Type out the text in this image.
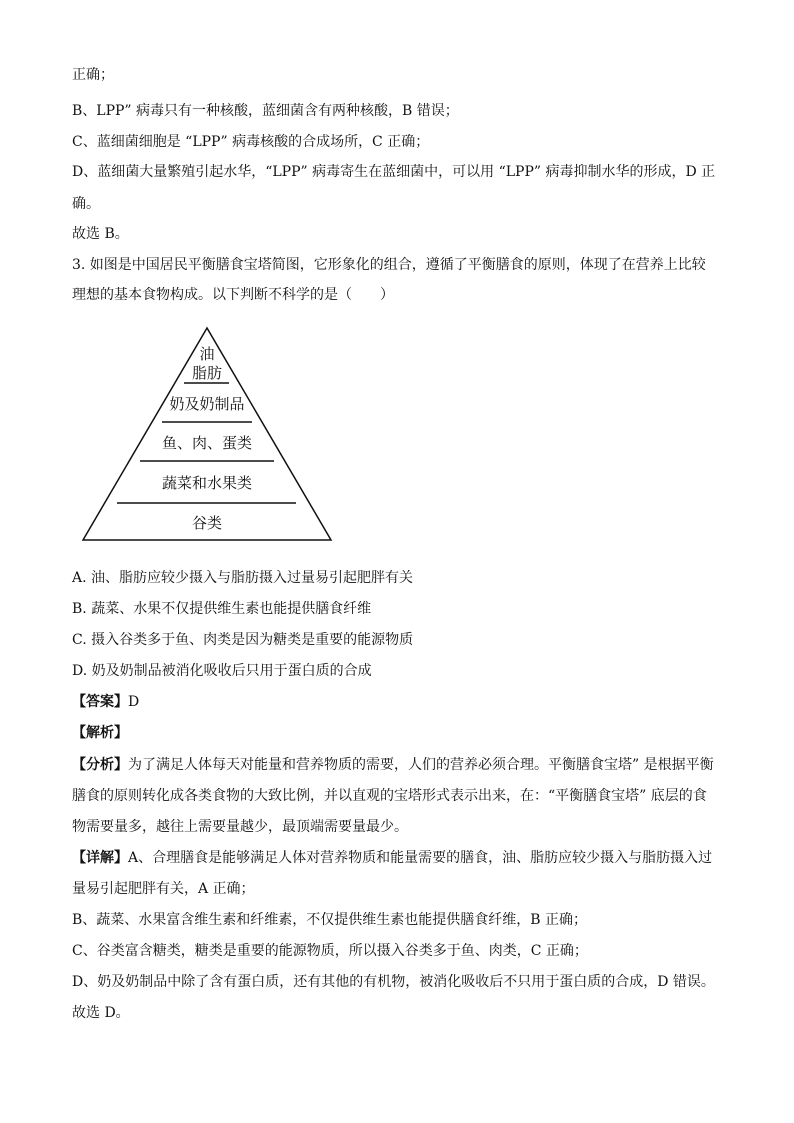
正确；
B、LPP” 病毒只有一种核酸，蓝细菌含有两种核酸，B 错误；
C、蓝细菌细胞是 “LPP” 病毒核酸的合成场所，C 正确；
D、蓝细菌大量繁殖引起水华，“LPP” 病毒寄生在蓝细菌中，可以用 “LPP” 病毒抑制水华的形成，D 正
确。
故选 B。
3. 如图是中国居民平衡膳食宝塔简图，它形象化的组合，遵循了平衡膳食的原则，体现了在营养上比较
理想的基本食物构成。以下判断不科学的是（　　）
油
脂肪
奶及奶制品
鱼、肉、蛋类
蔬菜和水果类
谷类
A. 油、脂肪应较少摄入与脂肪摄入过量易引起肥胖有关
B. 蔬菜、水果不仅提供维生素也能提供膳食纤维
C. 摄入谷类多于鱼、肉类是因为糖类是重要的能源物质
D. 奶及奶制品被消化吸收后只用于蛋白质的合成
【答案】D
【解析】
【分析】为了满足人体每天对能量和营养物质的需要，人们的营养必须合理。平衡膳食宝塔” 是根据平衡
膳食的原则转化成各类食物的大致比例，并以直观的宝塔形式表示出来，在：“平衡膳食宝塔” 底层的食
物需要量多，越往上需要量越少，最顶端需要量最少。
【详解】A、合理膳食是能够满足人体对营养物质和能量需要的膳食，油、脂肪应较少摄入与脂肪摄入过
量易引起肥胖有关，A 正确；
B、蔬菜、水果富含维生素和纤维素，不仅提供维生素也能提供膳食纤维，B 正确；
C、谷类富含糖类，糖类是重要的能源物质，所以摄入谷类多于鱼、肉类，C 正确；
D、奶及奶制品中除了含有蛋白质，还有其他的有机物，被消化吸收后不只用于蛋白质的合成，D 错误。
故选 D。
